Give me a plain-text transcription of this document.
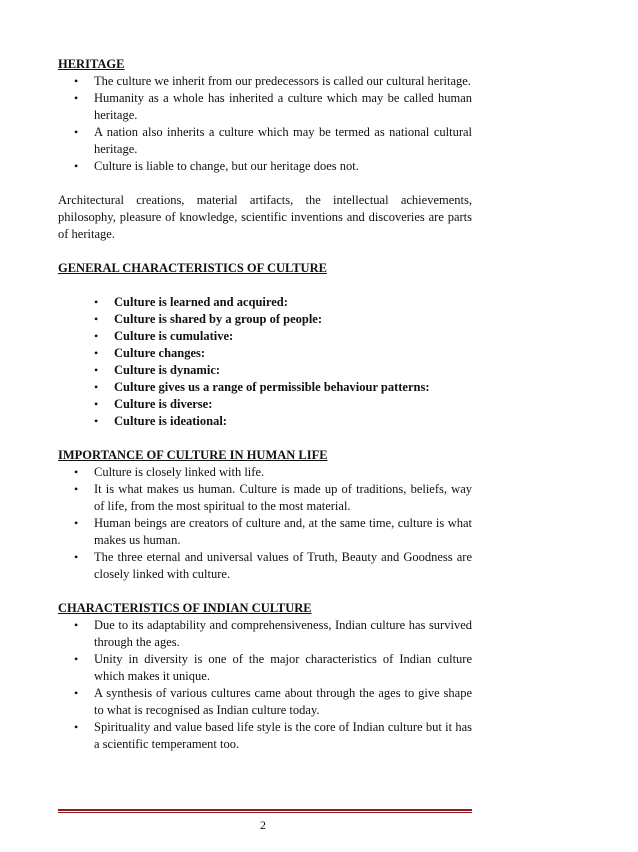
HERITAGE
• The culture we inherit from our predecessors is called our cultural heritage.
• Humanity as a whole has inherited a culture which may be called human heritage.
• A nation also inherits a culture which may be termed as national cultural heritage.
• Culture is liable to change, but our heritage does not.

Architectural creations, material artifacts, the intellectual achievements, philosophy, pleasure of knowledge, scientific inventions and discoveries are parts of heritage.

GENERAL CHARACTERISTICS OF CULTURE
• Culture is learned and acquired:
• Culture is shared by a group of people:
• Culture is cumulative:
• Culture changes:
• Culture is dynamic:
• Culture gives us a range of permissible behaviour patterns:
• Culture is diverse:
• Culture is ideational:
IMPORTANCE OF CULTURE IN HUMAN LIFE
• Culture is closely linked with life.
• It is what makes us human. Culture is made up of traditions, beliefs, way of life, from the most spiritual to the most material.
• Human beings are creators of culture and, at the same time, culture is what makes us human.
• The three eternal and universal values of Truth, Beauty and Goodness are closely linked with culture.
CHARACTERISTICS OF INDIAN CULTURE
• Due to its adaptability and comprehensiveness, Indian culture has survived through the ages.
• Unity in diversity is one of the major characteristics of Indian culture which makes it unique.
• A synthesis of various cultures came about through the ages to give shape to what is recognised as Indian culture today.
• Spirituality and value based life style is the core of Indian culture but it has a scientific temperament too.
2
